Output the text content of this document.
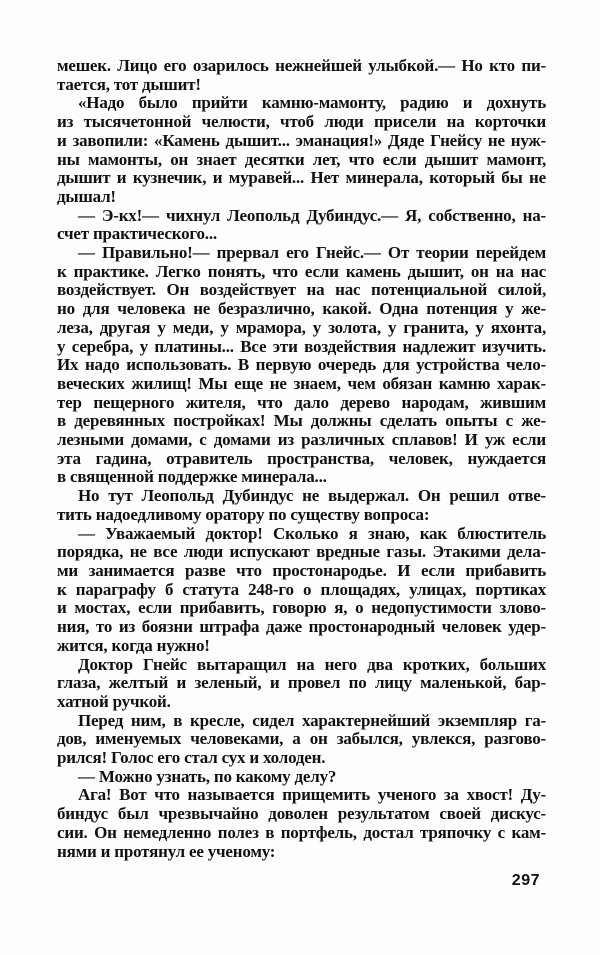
мешек. Лицо его озарилось нежнейшей улыбкой.— Но кто пи-
тается, тот дышит!
«Надо было прийти камню-мамонту, радию и дохнуть
из тысячетонной челюсти, чтоб люди присели на корточки
и завопили: «Камень дышит... эманация!» Дяде Гнейсу не нуж-
ны мамонты, он знает десятки лет, что если дышит мамонт,
дышит и кузнечик, и муравей... Нет минерала, который бы не
дышал!
— Э-кх!— чихнул Леопольд Дубиндус.— Я, собственно, на-
счет практического...
— Правильно!— прервал его Гнейс.— От теории перейдем
к практике. Легко понять, что если камень дышит, он на нас
воздействует. Он воздействует на нас потенциальной силой,
но для человека не безразлично, какой. Одна потенция у же-
леза, другая у меди, у мрамора, у золота, у гранита, у яхонта,
у серебра, у платины... Все эти воздействия надлежит изучить.
Их надо использовать. В первую очередь для устройства чело-
веческих жилищ! Мы еще не знаем, чем обязан камню харак-
тер пещерного жителя, что дало дерево народам, жившим
в деревянных постройках! Мы должны сделать опыты с же-
лезными домами, с домами из различных сплавов! И уж если
эта гадина, отравитель пространства, человек, нуждается
в священной поддержке минерала...
Но тут Леопольд Дубиндус не выдержал. Он решил отве-
тить надоедливому оратору по существу вопроса:
— Уважаемый доктор! Сколько я знаю, как блюститель
порядка, не все люди испускают вредные газы. Этакими дела-
ми занимается разве что простонародье. И если прибавить
к параграфу б статута 248-го о площадях, улицах, портиках
и мостах, если прибавить, говорю я, о недопустимости злово-
ния, то из боязни штрафа даже простонародный человек удер-
жится, когда нужно!
Доктор Гнейс вытаращил на него два кротких, больших
глаза, желтый и зеленый, и провел по лицу маленькой, бар-
хатной ручкой.
Перед ним, в кресле, сидел характернейший экземпляр га-
дов, именуемых человеками, а он забылся, увлекся, разгово-
рился! Голос его стал сух и холоден.
— Можно узнать, по какому делу?
Ага! Вот что называется прищемить ученого за хвост! Ду-
биндус был чрезвычайно доволен результатом своей дискус-
сии. Он немедленно полез в портфель, достал тряпочку с кам-
нями и протянул ее ученому:
297
